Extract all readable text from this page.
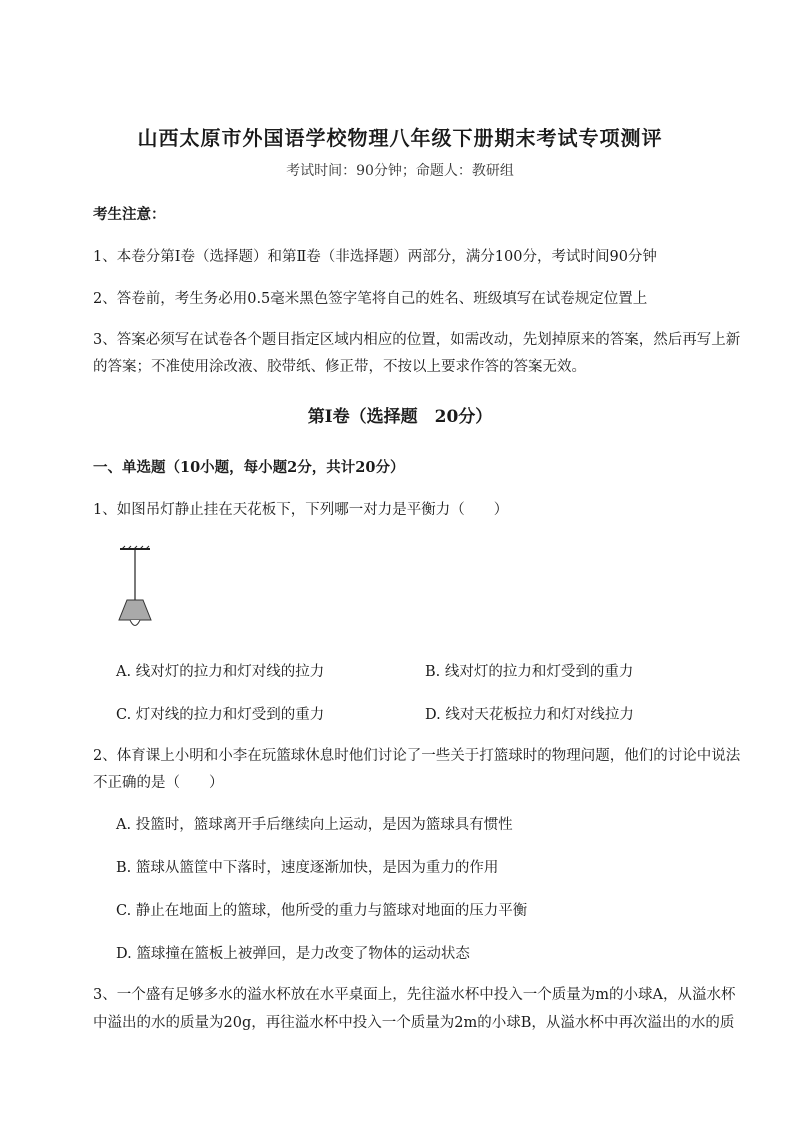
山西太原市外国语学校物理八年级下册期末考试专项测评
考试时间：90分钟；命题人：教研组
考生注意：
1、本卷分第I卷（选择题）和第Ⅱ卷（非选择题）两部分，满分100分，考试时间90分钟
2、答卷前，考生务必用0.5毫米黑色签字笔将自己的姓名、班级填写在试卷规定位置上
3、答案必须写在试卷各个题目指定区域内相应的位置，如需改动，先划掉原来的答案，然后再写上新
的答案；不准使用涂改液、胶带纸、修正带，不按以上要求作答的答案无效。
第I卷（选择题　20分）
一、单选题（10小题，每小题2分，共计20分）
1、如图吊灯静止挂在天花板下，下列哪一对力是平衡力（　　）
A. 线对灯的拉力和灯对线的拉力	B. 线对灯的拉力和灯受到的重力
C. 灯对线的拉力和灯受到的重力	D. 线对天花板拉力和灯对线拉力
2、体育课上小明和小李在玩篮球休息时他们讨论了一些关于打篮球时的物理问题，他们的讨论中说法
不正确的是（　　）
A. 投篮时，篮球离开手后继续向上运动，是因为篮球具有惯性
B. 篮球从篮筐中下落时，速度逐渐加快，是因为重力的作用
C. 静止在地面上的篮球，他所受的重力与篮球对地面的压力平衡
D. 篮球撞在篮板上被弹回，是力改变了物体的运动状态
3、一个盛有足够多水的溢水杯放在水平桌面上，先往溢水杯中投入一个质量为m的小球A，从溢水杯
中溢出的水的质量为20g，再往溢水杯中投入一个质量为2m的小球B，从溢水杯中再次溢出的水的质
